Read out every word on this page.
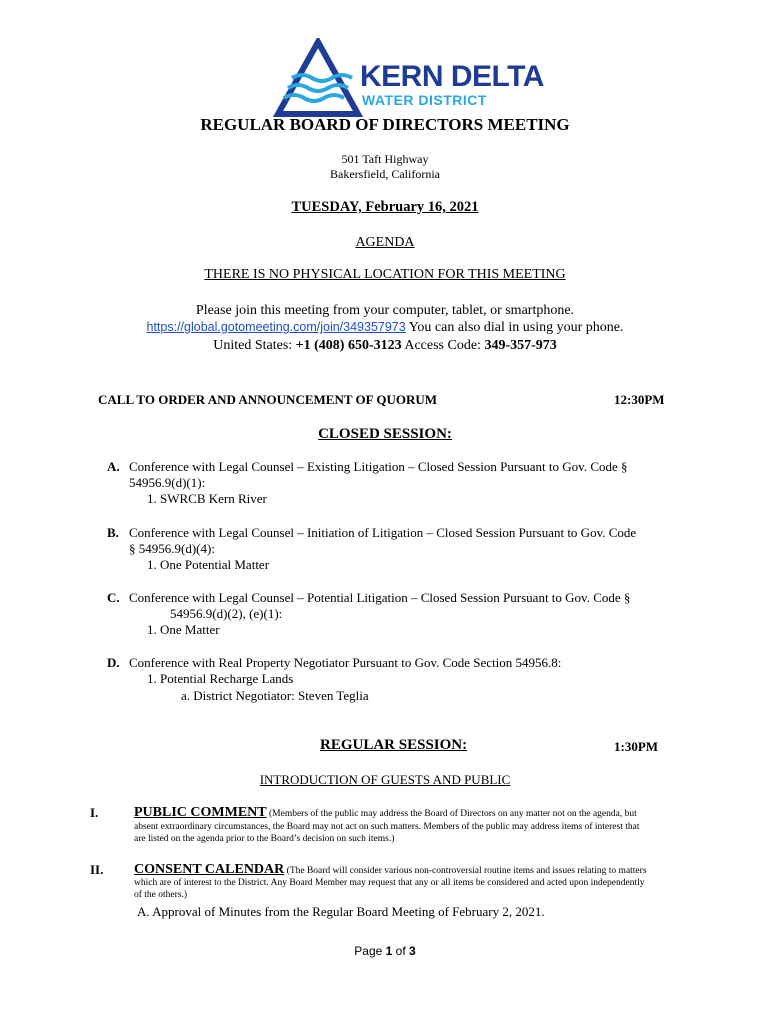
KERN DELTA
WATER DISTRICT
REGULAR BOARD OF DIRECTORS MEETING
501 Taft Highway
Bakersfield, California
TUESDAY, February 16, 2021
AGENDA
THERE IS NO PHYSICAL LOCATION FOR THIS MEETING
Please join this meeting from your computer, tablet, or smartphone.
https://global.gotomeeting.com/join/349357973 You can also dial in using your phone.
United States: +1 (408) 650-3123 Access Code: 349-357-973
CALL TO ORDER AND ANNOUNCEMENT OF QUORUM	12:30PM
CLOSED SESSION:
A. Conference with Legal Counsel – Existing Litigation – Closed Session Pursuant to Gov. Code §
54956.9(d)(1):
1. SWRCB Kern River
B. Conference with Legal Counsel – Initiation of Litigation – Closed Session Pursuant to Gov. Code
§ 54956.9(d)(4):
1. One Potential Matter
C. Conference with Legal Counsel – Potential Litigation – Closed Session Pursuant to Gov. Code §
54956.9(d)(2), (e)(1):
1. One Matter
D. Conference with Real Property Negotiator Pursuant to Gov. Code Section 54956.8:
1. Potential Recharge Lands
a. District Negotiator: Steven Teglia
REGULAR SESSION:	1:30PM
INTRODUCTION OF GUESTS AND PUBLIC
I.	PUBLIC COMMENT (Members of the public may address the Board of Directors on any matter not on the agenda, but
absent extraordinary circumstances, the Board may not act on such matters. Members of the public may address items of interest that
are listed on the agenda prior to the Board’s decision on such items.)
II. CONSENT CALENDAR (The Board will consider various non-controversial routine items and issues relating to matters
which are of interest to the District. Any Board Member may request that any or all items be considered and acted upon independently
of the others.)
A. Approval of Minutes from the Regular Board Meeting of February 2, 2021.
Page 1 of 3
